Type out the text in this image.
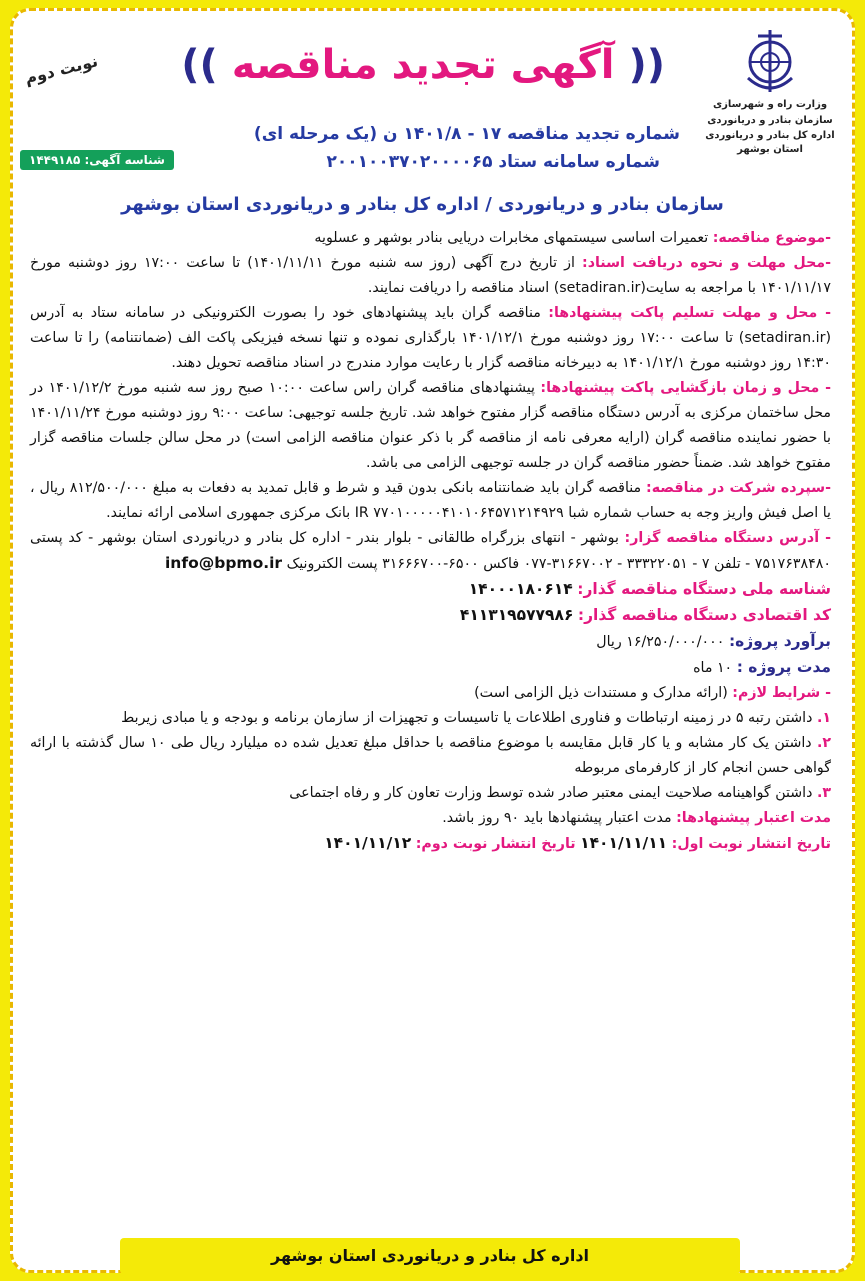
وزارت راه و شهرسازی
سازمان بنادر و دریانوردی
اداره کل بنادر و دریانوردی استان بوشهر
(( آگهی تجدید مناقصه ))
نوبت دوم
شماره تجدید مناقصه ۱۷ - ۱۴۰۱/۸ ن (یک مرحله ای)
شماره سامانه ستاد ۲۰۰۱۰۰۳۷۰۲۰۰۰۰۶۵
شناسه آگهی: ۱۴۴۹۱۸۵
سازمان بنادر و دریانوردی / اداره کل بنادر و دریانوردی استان بوشهر

-موضوع مناقصه: تعمیرات اساسی سیستمهای مخابرات دریایی بنادر بوشهر و عسلویه

-محل مهلت و نحوه دریافت اسناد: از تاریخ درج آگهی (روز سه شنبه مورخ ۱۴۰۱/۱۱/۱۱) تا ساعت ۱۷:۰۰ روز دوشنبه مورخ ۱۴۰۱/۱۱/۱۷ با مراجعه به سایت(setadiran.ir) اسناد مناقصه را دریافت نمایند.

- محل و مهلت تسلیم پاکت پیشنهادها: مناقصه گران باید پیشنهادهای خود را بصورت الکترونیکی در سامانه ستاد به آدرس (setadiran.ir) تا ساعت ۱۷:۰۰ روز دوشنبه مورخ ۱۴۰۱/۱۲/۱ بارگذاری نموده و تنها نسخه فیزیکی پاکت الف (ضمانتنامه) را تا ساعت ۱۴:۳۰ روز دوشنبه مورخ ۱۴۰۱/۱۲/۱ به دبیرخانه مناقصه گزار با رعایت موارد مندرج در اسناد مناقصه تحویل دهند.

- محل و زمان بازگشایی پاکت پیشنهادها: پیشنهادهای مناقصه گران راس ساعت ۱۰:۰۰ صبح روز سه شنبه مورخ ۱۴۰۱/۱۲/۲ در محل ساختمان مرکزی به آدرس دستگاه مناقصه گزار مفتوح خواهد شد. تاریخ جلسه توجیهی: ساعت ۹:۰۰ روز دوشنبه مورخ ۱۴۰۱/۱۱/۲۴ با حضور نماینده مناقصه گران (ارایه معرفی نامه از مناقصه گر با ذکر عنوان مناقصه الزامی است) در محل سالن جلسات مناقصه گزار مفتوح خواهد شد. ضمناً حضور مناقصه گران در جلسه توجیهی الزامی می باشد.

-سپرده شرکت در مناقصه: مناقصه گران باید ضمانتنامه بانکی بدون قید و شرط و قابل تمدید به دفعات به مبلغ ۸۱۲/۵۰۰/۰۰۰ ریال ، یا اصل فیش واریز وجه به حساب شماره شبا IR ۷۷۰۱۰۰۰۰۰۴۱۰۱۰۶۴۵۷۱۲۱۴۹۲۹ بانک مرکزی جمهوری اسلامی ارائه نمایند.

- آدرس دستگاه مناقصه گزار: بوشهر - انتهای بزرگراه طالقانی - بلوار بندر - اداره کل بنادر و دریانوردی استان بوشهر - کد پستی ۷۵۱۷۶۳۸۴۸۰ - تلفن ۷ - ۳۳۳۲۲۰۵۱ - ۳۱۶۶۷۰۰۲-۰۷۷ فاکس ۶۵۰۰-۳۱۶۶۶۷۰۰ پست الکترونیک info@bpmo.ir

شناسه ملی دستگاه مناقصه گذار: ۱۴۰۰۰۱۸۰۶۱۴

کد اقتصادی دستگاه مناقصه گذار: ۴۱۱۳۱۹۵۷۷۹۸۶

برآورد پروژه: ۱۶/۲۵۰/۰۰۰/۰۰۰ ریال

مدت پروژه : ۱۰ ماه

- شرایط لازم: (ارائه مدارک و مستندات ذیل الزامی است)

۱. داشتن رتبه ۵ در زمینه ارتباطات و فناوری اطلاعات یا تاسیسات و تجهیزات از سازمان برنامه و بودجه و یا مبادی زیربط

۲. داشتن یک کار مشابه و یا کار قابل مقایسه با موضوع مناقصه با حداقل مبلغ تعدیل شده ده میلیارد ریال طی ۱۰ سال گذشته با ارائه گواهی حسن انجام کار از کارفرمای مربوطه

۳. داشتن گواهینامه صلاحیت ایمنی معتبر صادر شده توسط وزارت تعاون کار و رفاه اجتماعی

مدت اعتبار پیشنهادها: مدت اعتبار پیشنهادها باید ۹۰ روز باشد.

تاریخ انتشار نوبت اول: ۱۴۰۱/۱۱/۱۱ تاریخ انتشار نوبت دوم: ۱۴۰۱/۱۱/۱۲

اداره کل بنادر و دریانوردی استان بوشهر
